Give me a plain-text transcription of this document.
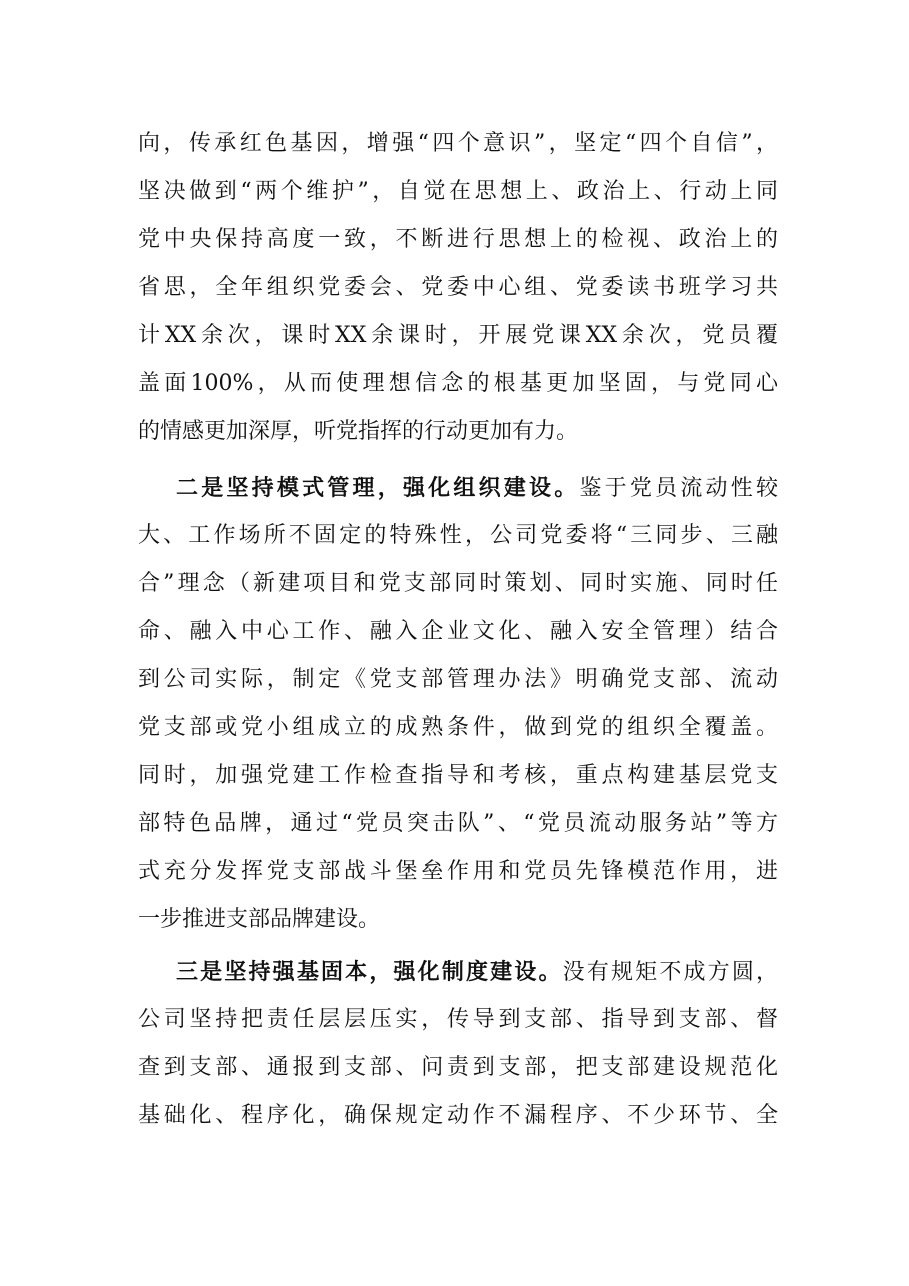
向，传承红色基因，增强“四个意识”，坚定“四个自信”，
坚决做到“两个维护”，自觉在思想上、政治上、行动上同
党中央保持高度一致，不断进行思想上的检视、政治上的
省思，全年组织党委会、党委中心组、党委读书班学习共
计XX余次，课时XX余课时，开展党课XX余次，党员覆
盖面100%，从而使理想信念的根基更加坚固，与党同心
的情感更加深厚，听党指挥的行动更加有力。
二是坚持模式管理，强化组织建设。鉴于党员流动性较
大、工作场所不固定的特殊性，公司党委将“三同步、三融
合”理念（新建项目和党支部同时策划、同时实施、同时任
命、融入中心工作、融入企业文化、融入安全管理）结合
到公司实际，制定《党支部管理办法》明确党支部、流动
党支部或党小组成立的成熟条件，做到党的组织全覆盖。
同时，加强党建工作检查指导和考核，重点构建基层党支
部特色品牌，通过“党员突击队”、“党员流动服务站”等方
式充分发挥党支部战斗堡垒作用和党员先锋模范作用，进
一步推进支部品牌建设。
三是坚持强基固本，强化制度建设。没有规矩不成方圆，
公司坚持把责任层层压实，传导到支部、指导到支部、督
查到支部、通报到支部、问责到支部，把支部建设规范化
基础化、程序化，确保规定动作不漏程序、不少环节、全
